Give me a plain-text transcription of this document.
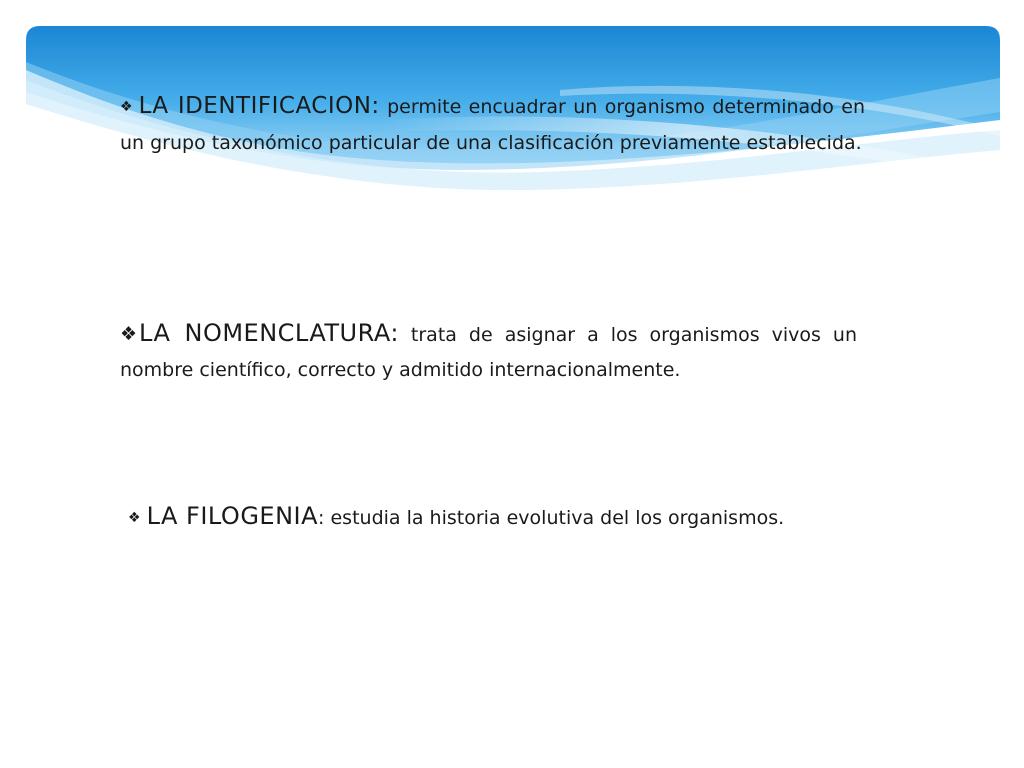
❖ LA IDENTIFICACION: permite encuadrar un organismo determinado en un grupo taxonómico particular de una clasificación previamente establecida.

❖LA NOMENCLATURA: trata de asignar a los organismos vivos un nombre científico, correcto y admitido internacionalmente.

❖ LA FILOGENIA: estudia la historia evolutiva del los organismos.
